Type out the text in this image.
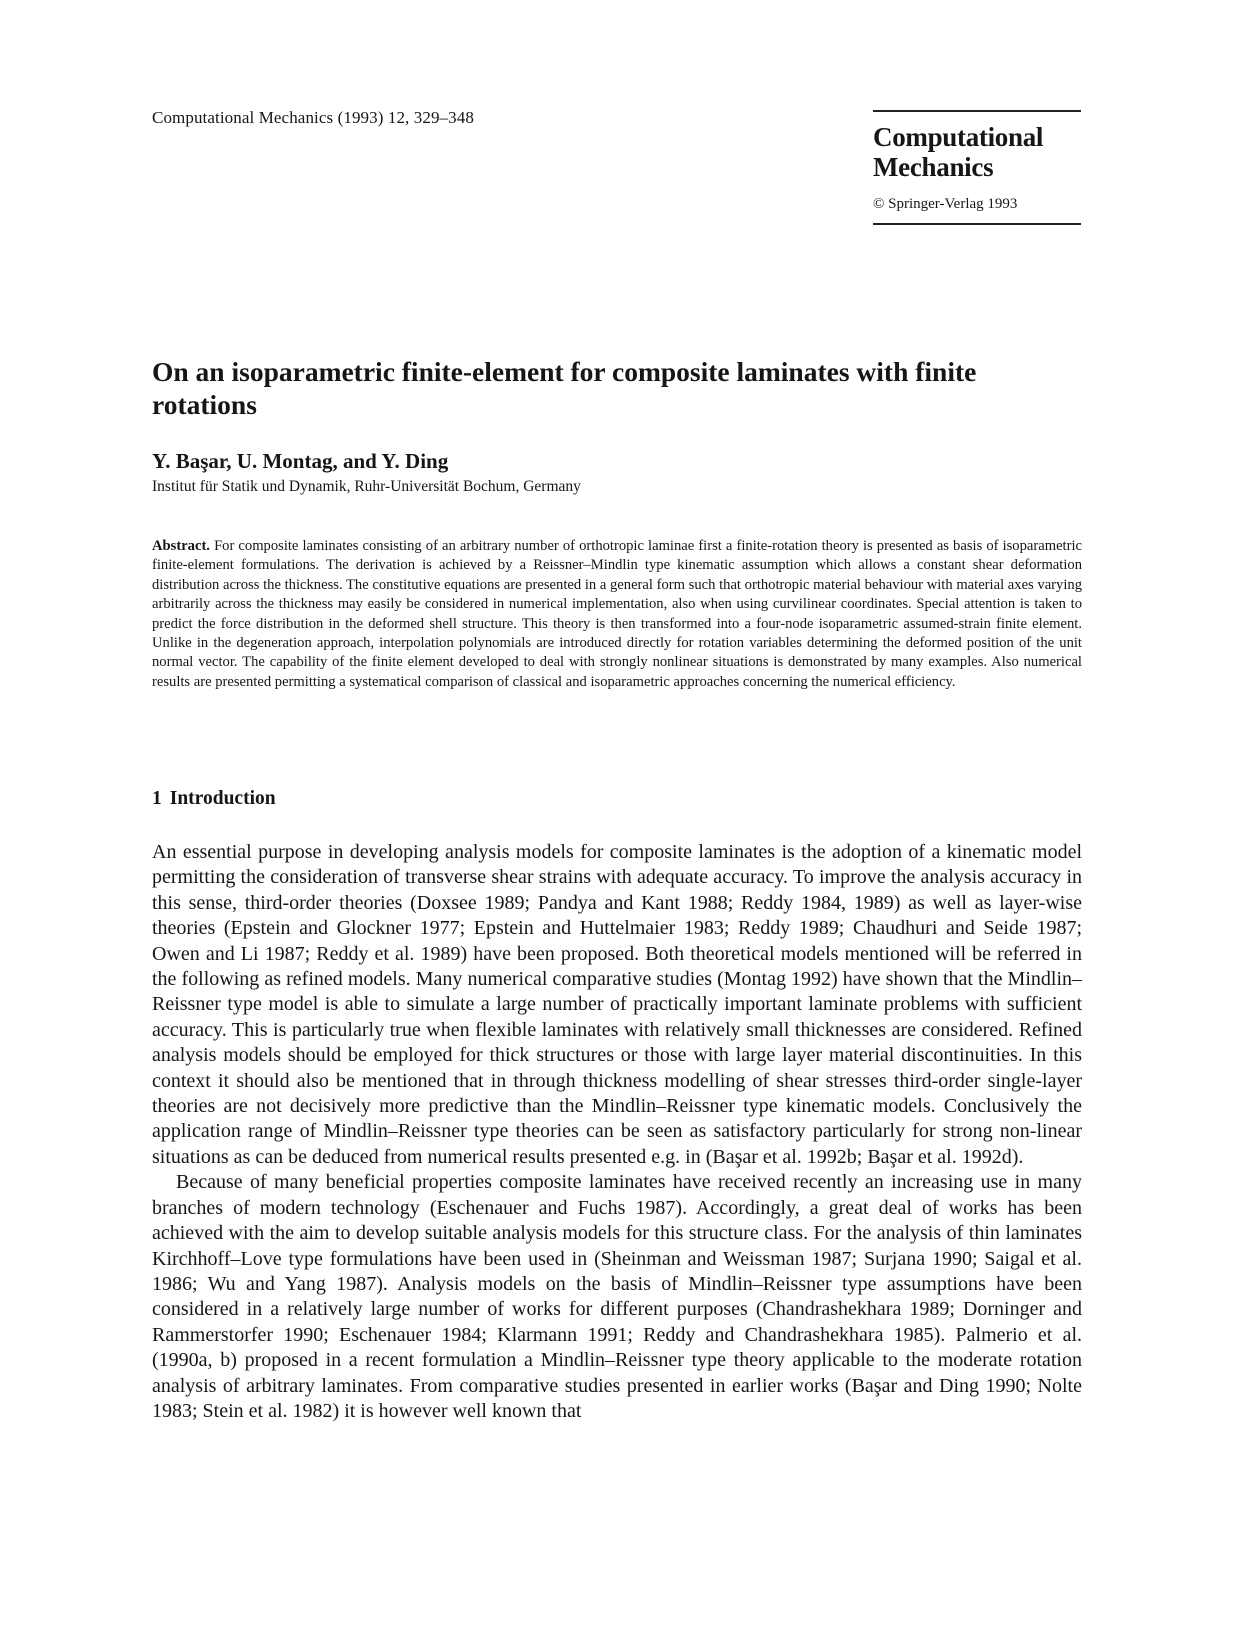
Computational Mechanics (1993) 12, 329–348
Computational
Mechanics
© Springer-Verlag 1993
On an isoparametric finite-element for composite laminates with finite rotations
Y. Başar, U. Montag, and Y. Ding
Institut für Statik und Dynamik, Ruhr-Universität Bochum, Germany

Abstract. For composite laminates consisting of an arbitrary number of orthotropic laminae first a finite-rotation theory is presented as basis of isoparametric finite-element formulations. The derivation is achieved by a Reissner–Mindlin type kinematic assumption which allows a constant shear deformation distribution across the thickness. The constitutive equations are presented in a general form such that orthotropic material behaviour with material axes varying arbitrarily across the thickness may easily be considered in numerical implementation, also when using curvilinear coordinates. Special attention is taken to predict the force distribution in the deformed shell structure. This theory is then transformed into a four-node isoparametric assumed-strain finite element. Unlike in the degeneration approach, interpolation polynomials are introduced directly for rotation variables determining the deformed position of the unit normal vector. The capability of the finite element developed to deal with strongly nonlinear situations is demonstrated by many examples. Also numerical results are presented permitting a systematical comparison of classical and isoparametric approaches concerning the numerical efficiency.

1 Introduction

An essential purpose in developing analysis models for composite laminates is the adoption of a kinematic model permitting the consideration of transverse shear strains with adequate accuracy. To improve the analysis accuracy in this sense, third-order theories (Doxsee 1989; Pandya and Kant 1988; Reddy 1984, 1989) as well as layer-wise theories (Epstein and Glockner 1977; Epstein and Huttelmaier 1983; Reddy 1989; Chaudhuri and Seide 1987; Owen and Li 1987; Reddy et al. 1989) have been proposed. Both theoretical models mentioned will be referred in the following as refined models. Many numerical comparative studies (Montag 1992) have shown that the Mindlin–Reissner type model is able to simulate a large number of practically important laminate problems with sufficient accuracy. This is particularly true when flexible laminates with relatively small thicknesses are considered. Refined analysis models should be employed for thick structures or those with large layer material discontinuities. In this context it should also be mentioned that in through thickness modelling of shear stresses third-order single-layer theories are not decisively more predictive than the Mindlin–Reissner type kinematic models. Conclusively the application range of Mindlin–Reissner type theories can be seen as satisfactory particularly for strong non-linear situations as can be deduced from numerical results presented e.g. in (Başar et al. 1992b; Başar et al. 1992d).

Because of many beneficial properties composite laminates have received recently an increasing use in many branches of modern technology (Eschenauer and Fuchs 1987). Accordingly, a great deal of works has been achieved with the aim to develop suitable analysis models for this structure class. For the analysis of thin laminates Kirchhoff–Love type formulations have been used in (Sheinman and Weissman 1987; Surjana 1990; Saigal et al. 1986; Wu and Yang 1987). Analysis models on the basis of Mindlin–Reissner type assumptions have been considered in a relatively large number of works for different purposes (Chandrashekhara 1989; Dorninger and Rammerstorfer 1990; Eschenauer 1984; Klarmann 1991; Reddy and Chandrashekhara 1985). Palmerio et al. (1990a, b) proposed in a recent formulation a Mindlin–Reissner type theory applicable to the moderate rotation analysis of arbitrary laminates. From comparative studies presented in earlier works (Başar and Ding 1990; Nolte 1983; Stein et al. 1982) it is however well known that
